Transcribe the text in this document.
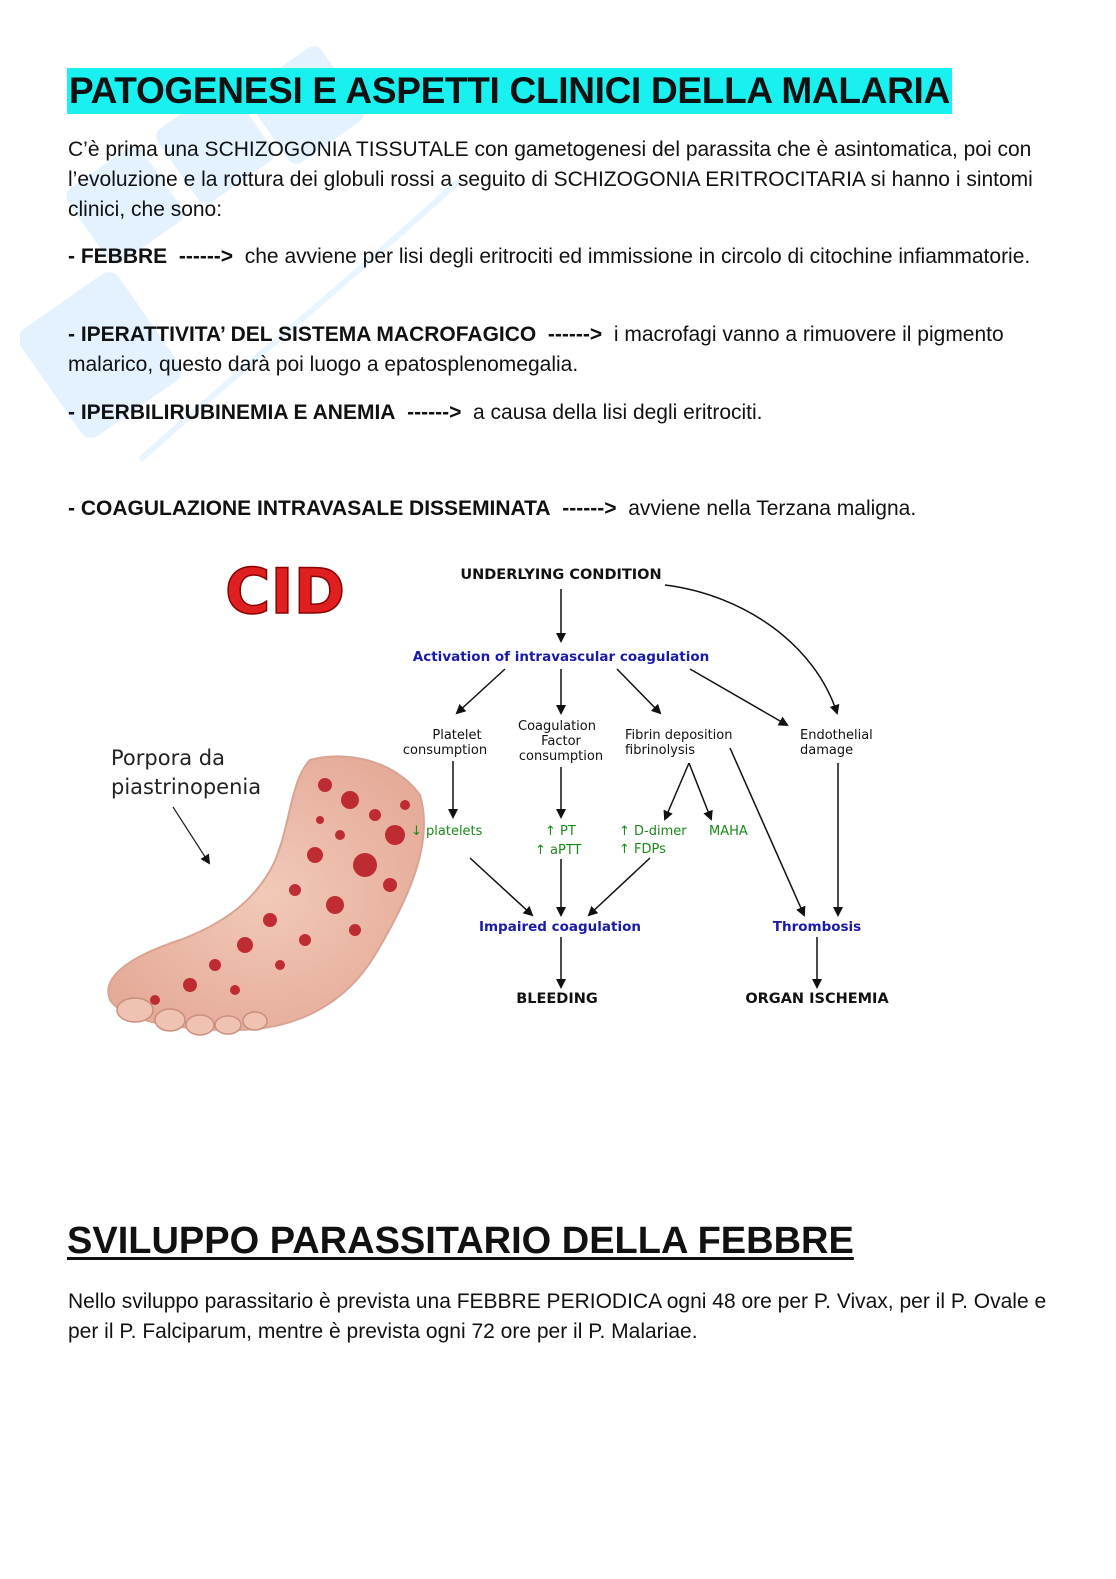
PATOGENESI E ASPETTI CLINICI DELLA MALARIA

C’è prima una SCHIZOGONIA TISSUTALE con gametogenesi del parassita che è asintomatica, poi con l’evoluzione e la rottura dei globuli rossi a seguito di SCHIZOGONIA ERITROCITARIA si hanno i sintomi clinici, che sono:

- FEBBRE ------> che avviene per lisi degli eritrociti ed immissione in circolo di citochine infiammatorie.

- IPERATTIVITA’ DEL SISTEMA MACROFAGICO ------> i macrofagi vanno a rimuovere il pigmento malarico, questo darà poi luogo a epatosplenomegalia.

- IPERBILIRUBINEMIA E ANEMIA ------> a causa della lisi degli eritrociti.

- COAGULAZIONE INTRAVASALE DISSEMINATA ------> avviene nella Terzana maligna.

CID
Porpora da
piastrinopenia
UNDERLYING CONDITION
Activation of intravascular coagulation
Platelet
consumption
Coagulation
Factor
consumption
Fibrin deposition
fibrinolysis
Endothelial
damage
↓ platelets	↑ PT
↑ aPTT
↑ D-dimer
↑ FDPs
MAHA
Impaired coagulation	Thrombosis
BLEEDING	ORGAN ISCHEMIA
SVILUPPO PARASSITARIO DELLA FEBBRE

Nello sviluppo parassitario è prevista una FEBBRE PERIODICA ogni 48 ore per P. Vivax, per il P. Ovale e per il P. Falciparum, mentre è prevista ogni 72 ore per il P. Malariae.
